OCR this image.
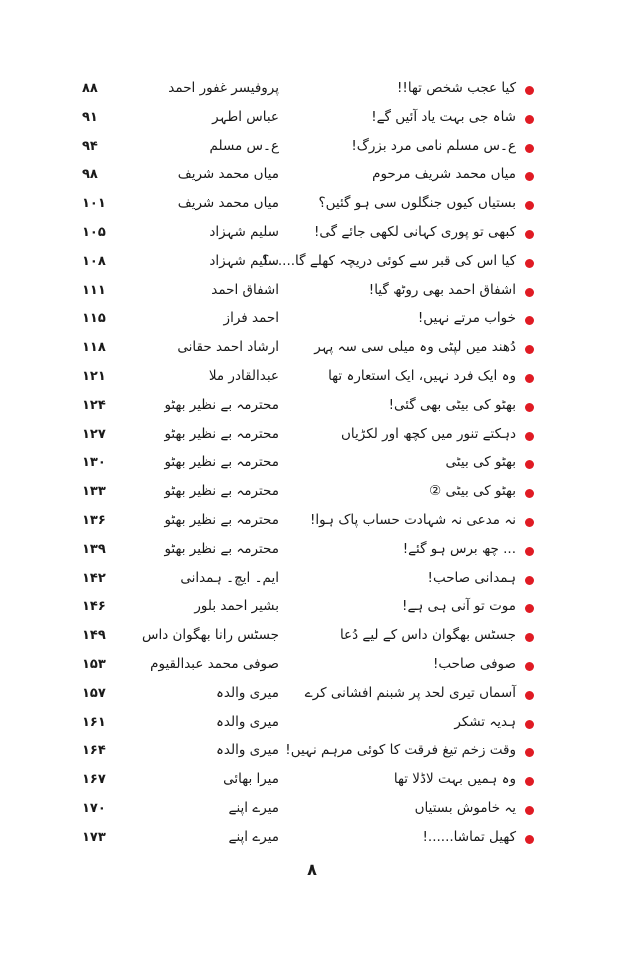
کیا عجب شخص تھا!!
پروفیسر غفور احمد
۸۸
شاہ جی بہت یاد آئیں گے!
عباس اطہر
۹۱
ع۔س مسلم نامی مرد بزرگ!
ع۔س مسلم
۹۴
میاں محمد شریف مرحوم
میاں محمد شریف
۹۸
بستیاں کیوں جنگلوں سی ہو گئیں؟
میاں محمد شریف
۱۰۱
کبھی تو پوری کہانی لکھی جائے گی!
سلیم شہزاد
۱۰۵
کیا اس کی قبر سے کوئی دریچہ کھلے گا......؟
سلیم شہزاد
۱۰۸
اشفاق احمد بھی روٹھ گیا!
اشفاق احمد
۱۱۱
خواب مرتے نہیں!
احمد فراز
۱۱۵
دُھند میں لپٹی وہ میلی سی سہ پہر
ارشاد احمد حقانی
۱۱۸
وہ ایک فرد نہیں، ایک استعارہ تھا
عبدالقادر ملا
۱۲۱
بھٹو کی بیٹی بھی گئی!
محترمہ بے نظیر بھٹو
۱۲۴
دہکتے تنور میں کچھ اور لکڑیاں
محترمہ بے نظیر بھٹو
۱۲۷
بھٹو کی بیٹی
محترمہ بے نظیر بھٹو
۱۳۰
بھٹو کی بیٹی ②
محترمہ بے نظیر بھٹو
۱۳۳
نہ مدعی نہ شہادت حساب پاک ہوا!
محترمہ بے نظیر بھٹو
۱۳۶
... چھ برس ہو گئے!
محترمہ بے نظیر بھٹو
۱۳۹
ہمدانی صاحب!
ایم۔ ایچ۔ ہمدانی
۱۴۲
موت تو آنی ہی ہے!
بشیر احمد بلور
۱۴۶
جسٹس بھگوان داس کے لیے دُعا
جسٹس رانا بھگوان داس
۱۴۹
صوفی صاحب!
صوفی محمد عبدالقیوم
۱۵۳
آسماں تیری لحد پر شبنم افشانی کرے
میری والدہ
۱۵۷
ہدیہ تشکر
میری والدہ
۱۶۱
وقت زخم تیغ فرقت کا کوئی مرہم نہیں!
میری والدہ
۱۶۴
وہ ہمیں بہت لاڈلا تھا
میرا بھائی
۱۶۷
یہ خاموش بستیاں
میرے اپنے
۱۷۰
کھیل تماشا......!
میرے اپنے
۱۷۳
۸
